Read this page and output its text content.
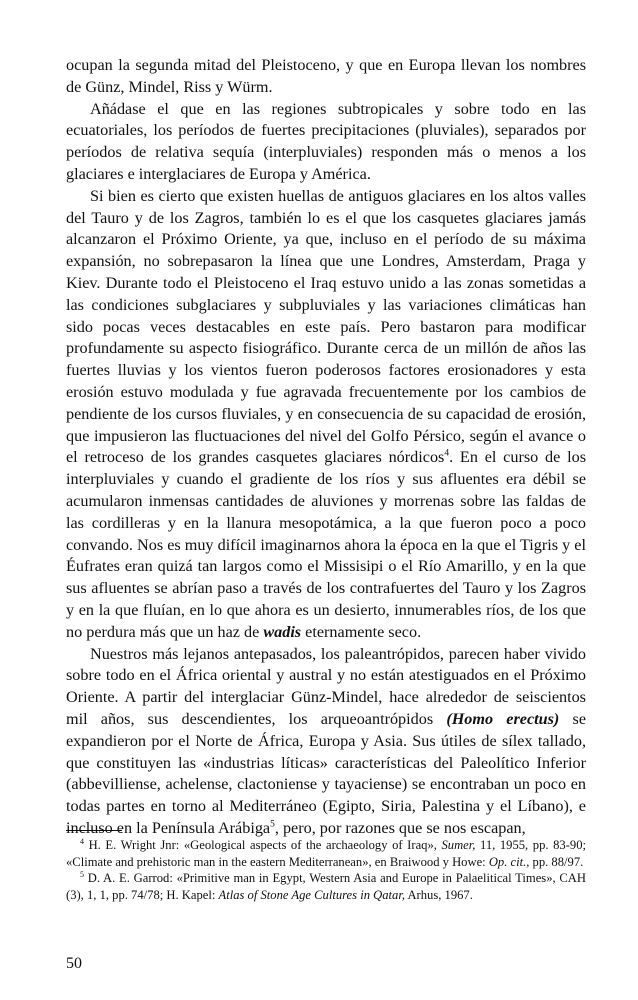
ocupan la segunda mitad del Pleistoceno, y que en Europa llevan los nombres de Günz, Mindel, Riss y Würm.

Añádase el que en las regiones subtropicales y sobre todo en las ecuatoriales, los períodos de fuertes precipitaciones (pluviales), separados por períodos de relativa sequía (interpluviales) responden más o menos a los glaciares e interglaciares de Europa y América.

Si bien es cierto que existen huellas de antiguos glaciares en los altos valles del Tauro y de los Zagros, también lo es el que los casquetes glaciares jamás alcanzaron el Próximo Oriente, ya que, incluso en el período de su máxima expansión, no sobrepasaron la línea que une Londres, Amsterdam, Praga y Kiev. Durante todo el Pleistoceno el Iraq estuvo unido a las zonas sometidas a las condiciones subglaciares y subpluviales y las variaciones climáticas han sido pocas veces destacables en este país. Pero bastaron para modificar profundamente su aspecto fisiográfico. Durante cerca de un millón de años las fuertes lluvias y los vientos fueron poderosos factores erosionadores y esta erosión estuvo modulada y fue agravada frecuentemente por los cambios de pendiente de los cursos fluviales, y en consecuencia de su capacidad de erosión, que impusieron las fluctuaciones del nivel del Golfo Pérsico, según el avance o el retroceso de los grandes casquetes glaciares nórdicos$^4$. En el curso de los interpluviales y cuando el gradiente de los ríos y sus afluentes era débil se acumularon inmensas cantidades de aluviones y morrenas sobre las faldas de las cordilleras y en la llanura mesopotámica, a la que fueron poco a poco convando. Nos es muy difícil imaginarnos ahora la época en la que el Tigris y el Éufrates eran quizá tan largos como el Missisipi o el Río Amarillo, y en la que sus afluentes se abrían paso a través de los contrafuertes del Tauro y los Zagros y en la que fluían, en lo que ahora es un desierto, innumerables ríos, de los que no perdura más que un haz de wadis eternamente seco.

Nuestros más lejanos antepasados, los paleantrópidos, parecen haber vivido sobre todo en el África oriental y austral y no están atestiguados en el Próximo Oriente. A partir del interglaciar Günz-Mindel, hace alrededor de seiscientos mil años, sus descendientes, los arqueoantrópidos (Homo erectus) se expandieron por el Norte de África, Europa y Asia. Sus útiles de sílex tallado, que constituyen las «industrias líticas» características del Paleolítico Inferior (abbevilliense, achelense, clactoniense y tayaciense) se encontraban un poco en todas partes en torno al Mediterráneo (Egipto, Siria, Palestina y el Líbano), e incluso en la Península Arábiga$^5$, pero, por razones que se nos escapan,

$^4$ H. E. Wright Jnr: «Geological aspects of the archaeology of Iraq», Sumer, 11, 1955, pp. 83-90; «Climate and prehistoric man in the eastern Mediterranean», en Braiwood y Howe: Op. cit., pp. 88/97.

$^5$ D. A. E. Garrod: «Primitive man in Egypt, Western Asia and Europe in Palaelitical Times», CAH (3), 1, 1, pp. 74/78; H. Kapel: Atlas of Stone Age Cultures in Qatar, Arhus, 1967.

50
